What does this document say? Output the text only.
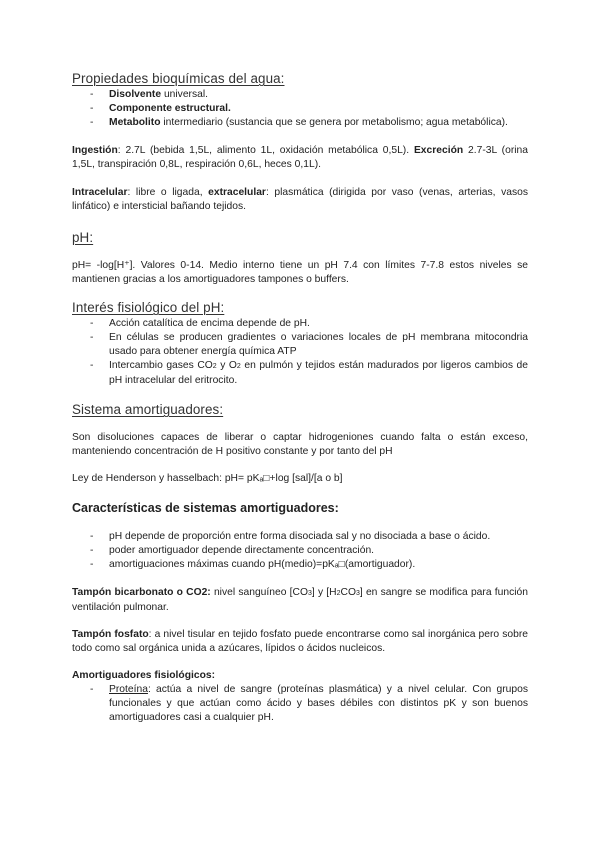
Propiedades bioquímicas del agua:
- Disolvente universal.
- Componente estructural.
- Metabolito intermediario (sustancia que se genera por metabolismo; agua metabólica).

Ingestión: 2.7L (bebida 1,5L, alimento 1L, oxidación metabólica 0,5L). Excreción 2.7-3L (orina 1,5L, transpiración 0,8L, respiración 0,6L, heces 0,1L).

Intracelular: libre o ligada, extracelular: plasmática (dirigida por vaso (venas, arterias, vasos linfático) e intersticial bañando tejidos.

pH:

pH= -log[H⁺]. Valores 0-14. Medio interno tiene un pH 7.4 con límites 7-7.8 estos niveles se mantienen gracias a los amortiguadores tampones o buffers.

Interés fisiológico del pH:
- Acción catalítica de encima depende de pH.
- En células se producen gradientes o variaciones locales de pH membrana mitocondria usado para obtener energía química ATP
- Intercambio gases CO2 y O2 en pulmón y tejidos están madurados por ligeros cambios de pH intracelular del eritrocito.
Sistema amortiguadores:

Son disoluciones capaces de liberar o captar hidrogeniones cuando falta o están exceso, manteniendo concentración de H positivo constante y por tanto del pH

Ley de Henderson y hasselbach: pH= pKₐ□+log [sal]/[a o b]

Características de sistemas amortiguadores:
- pH depende de proporción entre forma disociada sal y no disociada a base o ácido.
- poder amortiguador depende directamente concentración.
- amortiguaciones máximas cuando pH(medio)=pKₐ□(amortiguador).

Tampón bicarbonato o CO2: nivel sanguíneo [CO3] y [H2CO3] en sangre se modifica para función ventilación pulmonar.

Tampón fosfato: a nivel tisular en tejido fosfato puede encontrarse como sal inorgánica pero sobre todo como sal orgánica unida a azúcares, lípidos o ácidos nucleicos.

Amortiguadores fisiológicos:
- Proteína: actúa a nivel de sangre (proteínas plasmática) y a nivel celular. Con grupos funcionales y que actúan como ácido y bases débiles con distintos pK y son buenos amortiguadores casi a cualquier pH.
